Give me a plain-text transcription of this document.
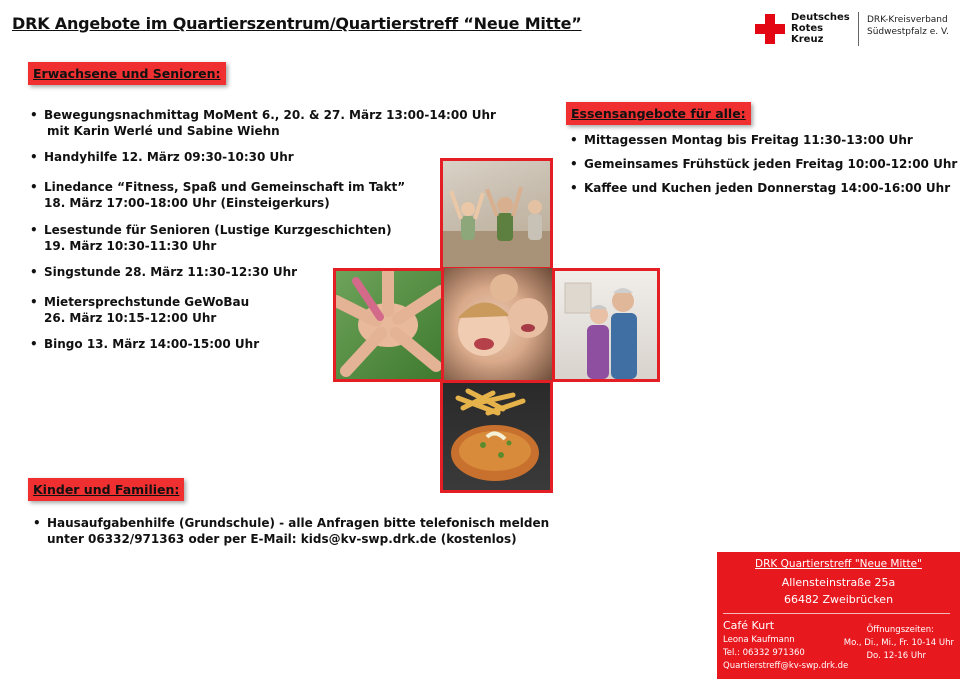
DRK Angebote im Quartierszentrum/Quartierstreff “Neue Mitte”	Deutsches
Rotes
Kreuz
DRK-Kreisverband
Südwestpfalz e. V.
Erwachsene und Senioren:
• Bewegungsnachmittag MoMent 6., 20. & 27. März 13:00-14:00 Uhr
mit Karin Werlé und Sabine Wiehn
• Handyhilfe 12. März 09:30-10:30 Uhr
• Linedance “Fitness, Spaß und Gemeinschaft im Takt”
18. März 17:00-18:00 Uhr (Einsteigerkurs)
• Lesestunde für Senioren (Lustige Kurzgeschichten)
19. März 10:30-11:30 Uhr
• Singstunde 28. März 11:30-12:30 Uhr
• Mietersprechstunde GeWoBau
26. März 10:15-12:00 Uhr
• Bingo 13. März 14:00-15:00 Uhr
Essensangebote für alle:
• Mittagessen Montag bis Freitag 11:30-13:00 Uhr
• Gemeinsames Frühstück jeden Freitag 10:00-12:00 Uhr
• Kaffee und Kuchen jeden Donnerstag 14:00-16:00 Uhr
Kinder und Familien:
• Hausaufgabenhilfe (Grundschule) - alle Anfragen bitte telefonisch melden
unter 06332/971363 oder per E-Mail: kids@kv-swp.drk.de (kostenlos)
DRK Quartierstreff "Neue Mitte"
Allensteinstraße 25a
66482 Zweibrücken
Café Kurt
Leona Kaufmann
Tel.: 06332 971360
Quartierstreff@kv-swp.drk.de
Öffnungszeiten:
Mo., Di., Mi., Fr. 10-14 Uhr
Do. 12-16 Uhr
